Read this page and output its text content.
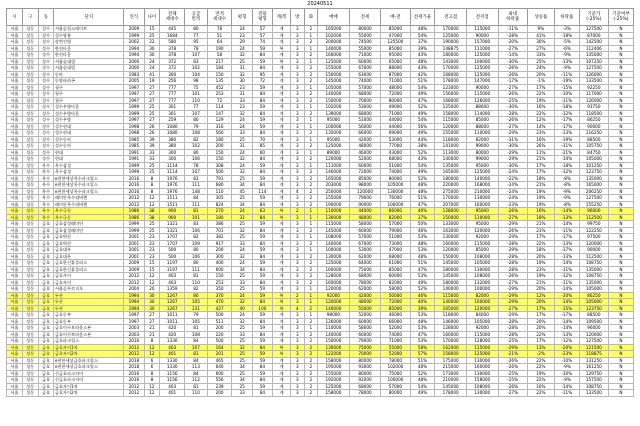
20240511
시	구	동	단지	연식	나이	전체
세대수	공급
면적	면적
세대수	평형	전용
평형	계/복	방	화	매매	전세	매-전	전세가율	전고점	전저점	최대
하락률	상승률	하락률	기준가
(-25%)	기준여부
(-25%)
서울	성동	성수	서울숲힐스테이트	2009	15	445	80	78	24	57	계	3	2	165000	80000	85000	48%	170000	115000	-11%	9%	-3%	127500	N
서울	성동	성수	성수쌍용	1999	25	1684	77	51	23	57	계	3	1	102000	55000	47000	54%	125000	90000	-28%	41%	-18%	87000	N
서울	성동	성수	강변건영	2002	22	580	95	64	29	74	계	3	2	200000	74500	125500	37%	190000	157000	-20%	30%	-5%	142500	N
서울	성동	성수	한진타운	1994	30	378	78	190	24	59	복	3	1	140000	55000	85000	39%	148875	111000	-27%	27%	-6%	112406	N
서울	성동	성수	한진타운	1994	30	378	107	58	32	84	계	3	2	166000	71000	95000	43%	180000	125000	-14%	33%	-9%	135000	N
서울	성동	성수	서울숲대림	2000	24	372	83	217	25	59	복	3	1	125000	60000	65000	48%	143000	100000	-30%	25%	-13%	107250	N
서울	성동	성수	서울숲대림	2000	24	372	102	184	31	84	계	3	2	155000	67000	88000	43%	170000	125000	-26%	24%	-9%	127500	N
서울	성동	성수	동아	1983	41	300	104	150	32	95	계	3	2	150000	63000	87000	42%	168000	125000	-26%	20%	-11%	126000	N
서울	성동	성수	동양파라곤	2005	19	256	98	135	30	72	계	3	2	145000	74000	71000	51%	178000	147000	-17%	-1%	-19%	133500	N
서울	성동	성수	청구	1997	27	777	75	452	23	59	계	3	1	105000	57000	48000	54%	123000	90000	-27%	17%	-15%	92250	N
서울	성동	성수	청구	1997	27	777	101	253	31	84	계	3	2	140000	68000	72000	49%	156000	115000	-26%	22%	-10%	117000	N
서울	성동	성수	청구	1997	27	777	110	72	33	84	계	3	2	150000	70000	80000	47%	168000	126000	-25%	19%	-11%	126000	N
서울	성동	성수	성수우방타운	1999	25	301	77	114	23	59	계	3	1	102000	53000	49000	52%	125000	88000	-30%	16%	-18%	93750	N
서울	성동	성수	성수우방타운	1999	25	301	107	147	32	84	계	3	2	139000	68000	71000	49%	158000	114000	-28%	22%	-12%	118500	N
서울	성동	성수	성수우방	1997	27	259	80	129	24	59	계	3	1	95000	51000	44000	54%	115000	85000	-26%	12%	-17%	86250	N
서울	성동	성수	성수현대	1998	26	1080	79	316	24	59	계	3	1	100000	56000	44000	56%	120000	88000	-27%	14%	-17%	90000	N
서울	성동	성수	성수현대	1998	26	1080	108	560	33	84	계	3	2	135000	66000	69000	49%	155000	110000	-29%	23%	-13%	116250	N
서울	성동	성수	성수동아	1985	39	380	82	180	25	70	계	3	1	95000	42000	53000	44%	118000	82000	-31%	16%	-19%	88500	N
서울	성동	성수	성수동아	1985	39	380	102	200	31	85	계	3	2	125000	48000	77000	38%	141000	99000	-30%	26%	-11%	105750	N
서울	성동	성수	현대	1991	33	300	80	150	24	60	계	3	1	89000	46000	43000	52%	113000	80000	-29%	11%	-21%	84750	N
서울	성동	성수	현대	1991	33	300	106	150	32	84	계	3	2	120000	52000	68000	43%	140000	99000	-29%	21%	-14%	105000	N
서울	성동	옥수	옥수삼성	1999	25	1114	78	308	24	59	계	3	1	111000	60000	51000	54%	135000	95000	-30%	17%	-18%	101250	N
서울	성동	옥수	옥수삼성	1999	25	1114	107	500	32	84	계	3	2	146000	72000	74000	49%	165000	125000	-24%	17%	-12%	123750	N
서울	성동	옥수	e편한세상옥수파크힐스	2016	8	1976	83	791	25	59	계	3	2	165000	85000	80000	52%	180000	140000	-22%	18%	-8%	135000	N
서울	성동	옥수	e편한세상옥수파크힐스	2016	8	1976	111	680	34	84	계	3	2	203000	98000	105000	48%	220000	168000	-24%	21%	-8%	165000	N
서울	성동	옥수	e편한세상옥수파크힐스	2016	8	1976	148	110	45	114	계	4	2	250000	120000	130000	48%	275000	210000	-24%	19%	-9%	206250	N
서울	성동	옥수	래미안옥수리버젠	2012	12	1511	84	305	25	59	계	3	2	155000	79000	76000	51%	170000	130000	-24%	19%	-9%	127500	N
서울	성동	옥수	래미안옥수리버젠	2012	12	1511	111	824	34	84	계	3	2	190000	90000	100000	47%	207000	160000	-23%	19%	-8%	155250	N
서울	성동	옥수	옥수극동	1986	38	900	81	270	24	63	복	2	1	110000	44000	66000	40%	128000	95000	-26%	16%	-14%	96000	N
서울	성동	옥수	옥수극동	1986	38	900	101	180	31	84	복	3	1	130000	48000	82000	37%	150000	110000	-27%	18%	-13%	112500	N
서울	성동	금호	금호삼성래미안	1999	25	1321	83	386	25	59	계	3	1	115000	58000	57000	50%	133000	95000	-29%	21%	-14%	99750	N
서울	성동	금호	금호삼성래미안	1999	25	1321	106	701	32	84	계	3	2	145000	66000	79000	46%	163000	120000	-26%	21%	-11%	122250	N
서울	성동	금호	금호벽산	2001	23	1707	82	382	25	59	계	3	1	108000	57000	51000	53%	130000	92000	-29%	17%	-17%	97500	N
서울	성동	금호	금호벽산	2001	23	1707	109	917	33	84	계	3	2	140000	67000	73000	48%	160000	115000	-28%	22%	-13%	120000	N
서울	성동	금호	금호대우	2001	23	500	80	200	24	59	계	3	1	100000	53000	47000	53%	120000	85000	-29%	18%	-17%	90000	N
서울	성동	금호	금호대우	2001	23	500	106	300	32	84	계	3	2	130000	62000	68000	48%	150000	108000	-28%	20%	-13%	112500	N
서울	성동	금호	금호한신휴플러스	2009	15	1197	80	400	24	59	계	3	2	125000	64000	61000	51%	145000	105000	-28%	19%	-14%	108750	N
서울	성동	금호	금호한신휴플러스	2009	15	1197	111	600	34	84	계	3	2	160000	75000	85000	47%	180000	130000	-28%	23%	-11%	135000	N
서울	성동	금호	금호자이	2012	12	403	81	150	25	59	계	3	2	128000	68000	60000	53%	145000	108000	-26%	19%	-12%	108750	N
서울	성동	금호	금호자이	2012	12	403	110	253	33	84	계	3	2	160000	78000	82000	49%	180000	132000	-27%	21%	-11%	135000	N
서울	성동	금호	서울숲푸르지오	2004	20	1359	82	350	25	59	계	3	1	120000	62000	58000	52%	140000	100000	-29%	20%	-14%	105000	N
서울	성동	금호	두산	1994	30	1267	80	370	24	59	복	2	1	92000	42000	50000	46%	115000	82000	-29%	12%	-20%	86250	N
서울	성동	금호	두산	1994	30	1267	105	470	32	84	복	3	1	120000	48000	72000	40%	140000	100000	-29%	20%	-14%	105000	N
서울	성동	금호	두산	1994	30	1267	131	427	40	100	복	4	2	140000	55000	85000	39%	165000	120000	-27%	17%	-15%	123750	N
서울	성동	금호	금호동부	1997	27	1011	79	500	24	59	계	3	1	98000	52000	46000	53%	118000	84000	-29%	17%	-17%	88500	N
서울	성동	금호	금호동부	1997	27	1011	105	511	32	84	계	3	2	126000	60000	66000	48%	146000	105000	-28%	20%	-14%	109500	N
서울	성동	금호	금호이수브라운스톤	2003	21	420	81	200	25	59	계	3	1	110000	58000	52000	53%	128000	92000	-28%	20%	-14%	96000	N
서울	성동	금호	금호이수브라운스톤	2003	21	420	108	220	33	84	계	3	2	140000	66000	74000	47%	160000	115000	-28%	22%	-13%	120000	N
서울	성동	금호	금호파크힐스	2016	8	1330	84	500	25	59	계	3	2	150000	79000	71000	53%	170000	128000	-25%	17%	-12%	127500	N
서울	성동	금호	금호자이1차	2012	12	403	107	164	32	84	복	3	2	130000	75000	55000	58%	162000	115000	-29%	13%	-20%	121500	N
서울	성동	금호	금호자이2차	2012	12	401	81	201	25	59	복	3	2	122000	70000	52000	57%	158000	125000	-21%	-2%	-23%	118875	N
서울	성동	금호	e편한세상금호파크힐스	2018	6	1330	84	465	25	59	계	3	2	158000	80000	78000	51%	175000	130000	-26%	22%	-10%	131250	N
서울	성동	금호	e편한세상금호파크힐스	2018	6	1330	113	640	34	84	계	3	2	195000	93000	102000	48%	215000	160000	-26%	22%	-9%	161250	N
서울	성동	금호	신금호파크자이	2016	8	1156	84	600	25	59	계	3	2	155000	80000	75000	52%	173000	130000	-25%	19%	-10%	129750	N
서울	성동	금호	신금호파크자이	2016	8	1156	112	556	34	84	계	3	2	192000	92000	100000	48%	210000	158000	-25%	22%	-9%	157500	N
서울	성동	금호	금호자이1차	2012	12	403	81	239	25	59	계	3	2	125000	68000	57000	54%	145000	108000	-26%	16%	-14%	108750	N
서울	성동	금호	금호자이2차	2012	12	401	110	200	33	84	계	3	2	158000	78000	80000	49%	178000	130000	-27%	22%	-11%	133500	N
